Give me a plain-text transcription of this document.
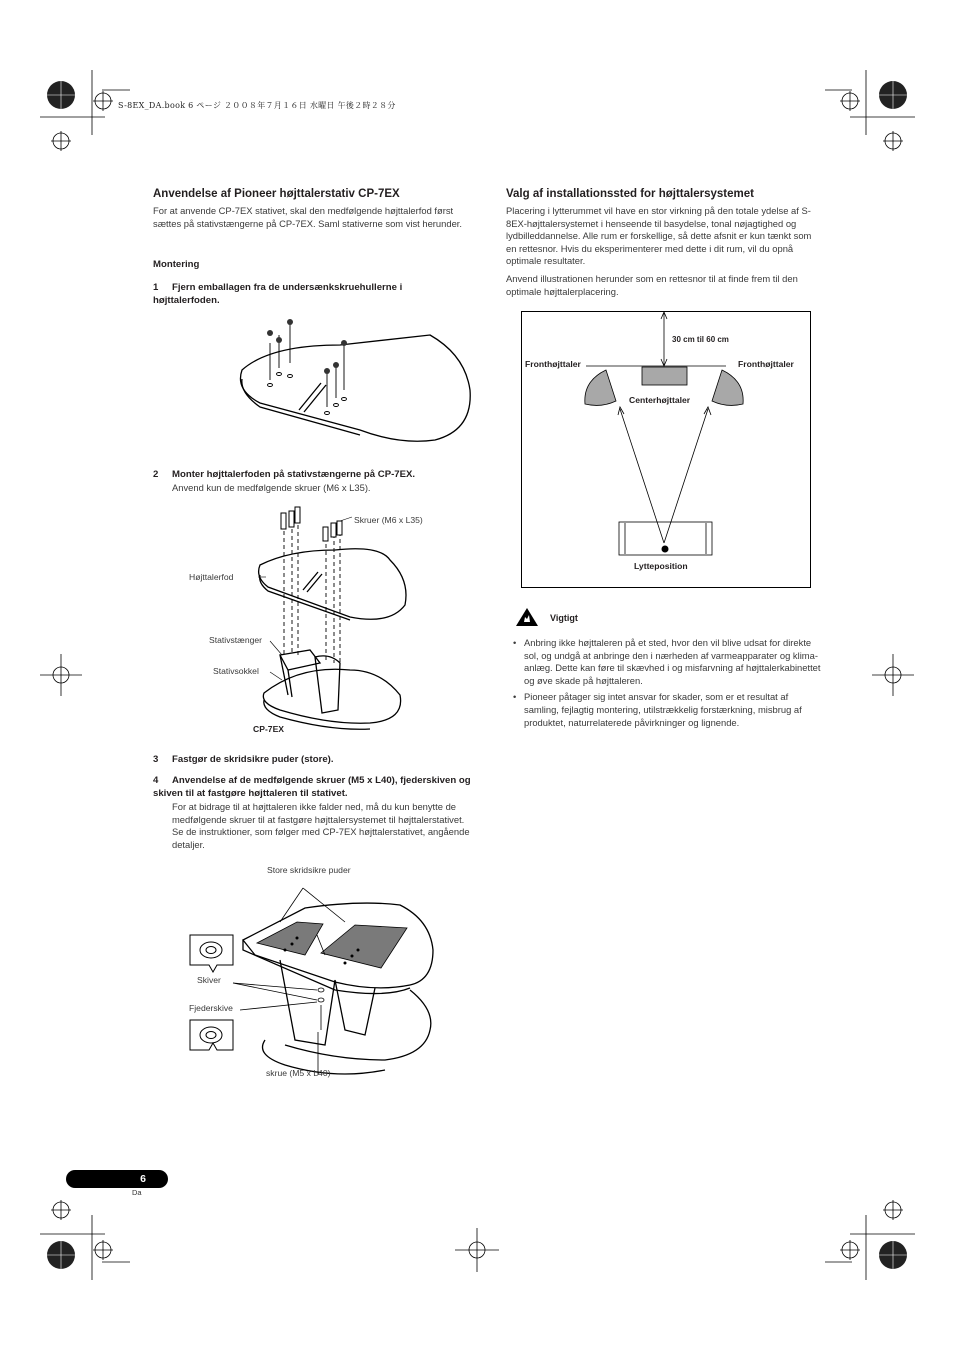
S-8EX_DA.book 6 ページ ２００８年７月１６日 水曜日 午後２時２８分
Anvendelse af Pioneer højttalerstativ CP-7EX
For at anvende CP-7EX stativet, skal den medfølgende højttalerfod først sættes på stativstængerne på CP-7EX. Saml stativerne som vist herunder.
Montering
1 Fjern emballagen fra de undersænkskruehullerne i højttalerfoden.
2 Monter højttalerfoden på stativstængerne på CP-7EX.
Anvend kun de medfølgende skruer (M6 x L35).
Skruer (M6 x L35)
Højttalerfod
Stativstænger
Stativsokkel
CP-7EX
3 Fastgør de skridsikre puder (store).
4 Anvendelse af de medfølgende skruer (M5 x L40), fjederskiven og skiven til at fastgøre højttaleren til stativet.
For at bidrage til at højttaleren ikke falder ned, må du kun benytte de medfølgende skruer til at fastgøre højttalersystemet til højttalerstativet. Se de instruktioner, som følger med CP-7EX højttalerstativet, angående detaljer.
Store skridsikre puder
Skiver
Fjederskive
skrue (M5 x L40)
Valg af installationssted for højttalersystemet
Placering i lytterummet vil have en stor virkning på den totale ydelse af S-8EX-højttalersystemet i henseende til basydelse, tonal nøjagtighed og lydbilleddannelse. Alle rum er forskellige, så dette afsnit er kun tænkt som en rettesnor. Hvis du eksperimenterer med dette i dit rum, vil du opnå optimale resultater.
Anvend illustrationen herunder som en rettesnor til at finde frem til den optimale højttalerplacering.
30 cm til 60 cm
Fronthøjttaler	Fronthøjttaler
Centerhøjttaler
Lytteposition
Vigtigt
• Anbring ikke højttaleren på et sted, hvor den vil blive udsat for direkte sol, og undgå at anbringe den i nærheden af varmeapparater og klima-anlæg. Dette kan føre til skævhed i og misfarvning af højttalerkabinettet og øve skade på højttaleren.
• Pioneer påtager sig intet ansvar for skader, som er et resultat af samling, fejlagtig montering, utilstrækkelig forstærkning, misbrug af produktet, naturrelaterede påvirkninger og lignende.
6
Da
